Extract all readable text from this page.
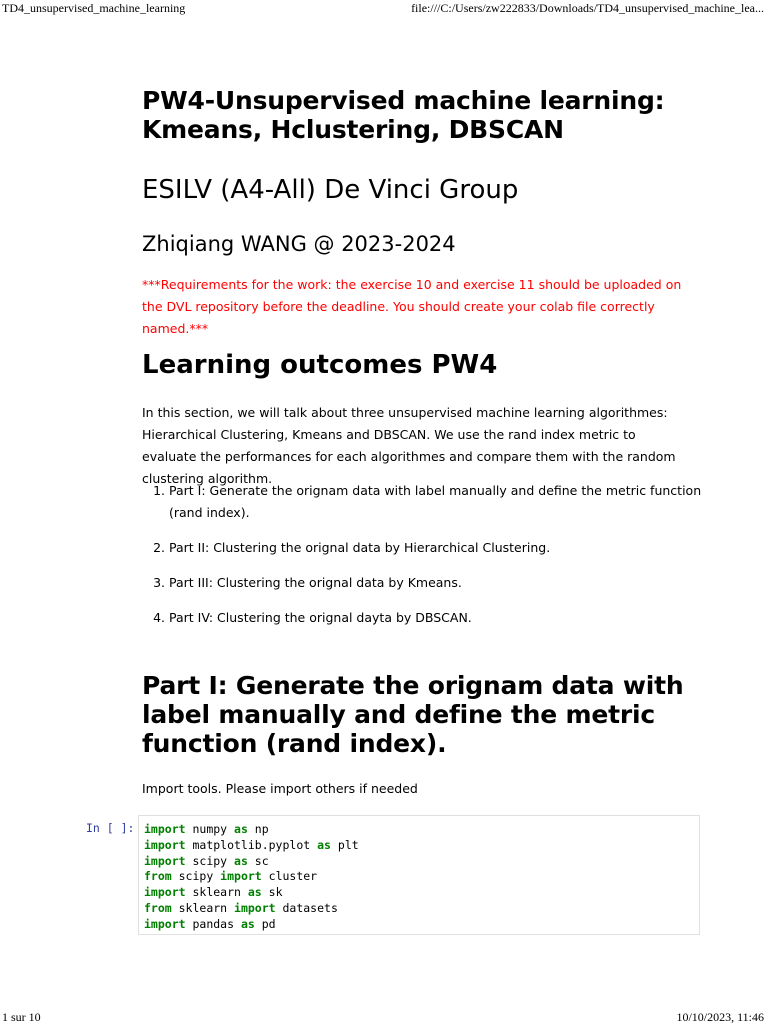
TD4_unsupervised_machine_learning	file:///C:/Users/zw222833/Downloads/TD4_unsupervised_machine_lea...
PW4-Unsupervised machine learning: Kmeans, Hclustering, DBSCAN
ESILV (A4-All) De Vinci Group
Zhiqiang WANG @ 2023-2024
***Requirements for the work: the exercise 10 and exercise 11 should be uploaded on the DVL repository before the deadline. You should create your colab file correctly named.***
Learning outcomes PW4
In this section, we will talk about three unsupervised machine learning algorithmes: Hierarchical Clustering, Kmeans and DBSCAN. We use the rand index metric to evaluate the performances for each algorithmes and compare them with the random clustering algorithm.
1. Part I: Generate the orignam data with label manually and define the metric function (rand index).
2. Part II: Clustering the orignal data by Hierarchical Clustering.
3. Part III: Clustering the orignal data by Kmeans.
4. Part IV: Clustering the orignal dayta by DBSCAN.
Part I: Generate the orignam data with label manually and define the metric function (rand index).
Import tools. Please import others if needed
In [ ]: import numpy as np
import matplotlib.pyplot as plt
import scipy as sc
from scipy import cluster
import sklearn as sk
from sklearn import datasets
import pandas as pd
1 sur 10	10/10/2023, 11:46
